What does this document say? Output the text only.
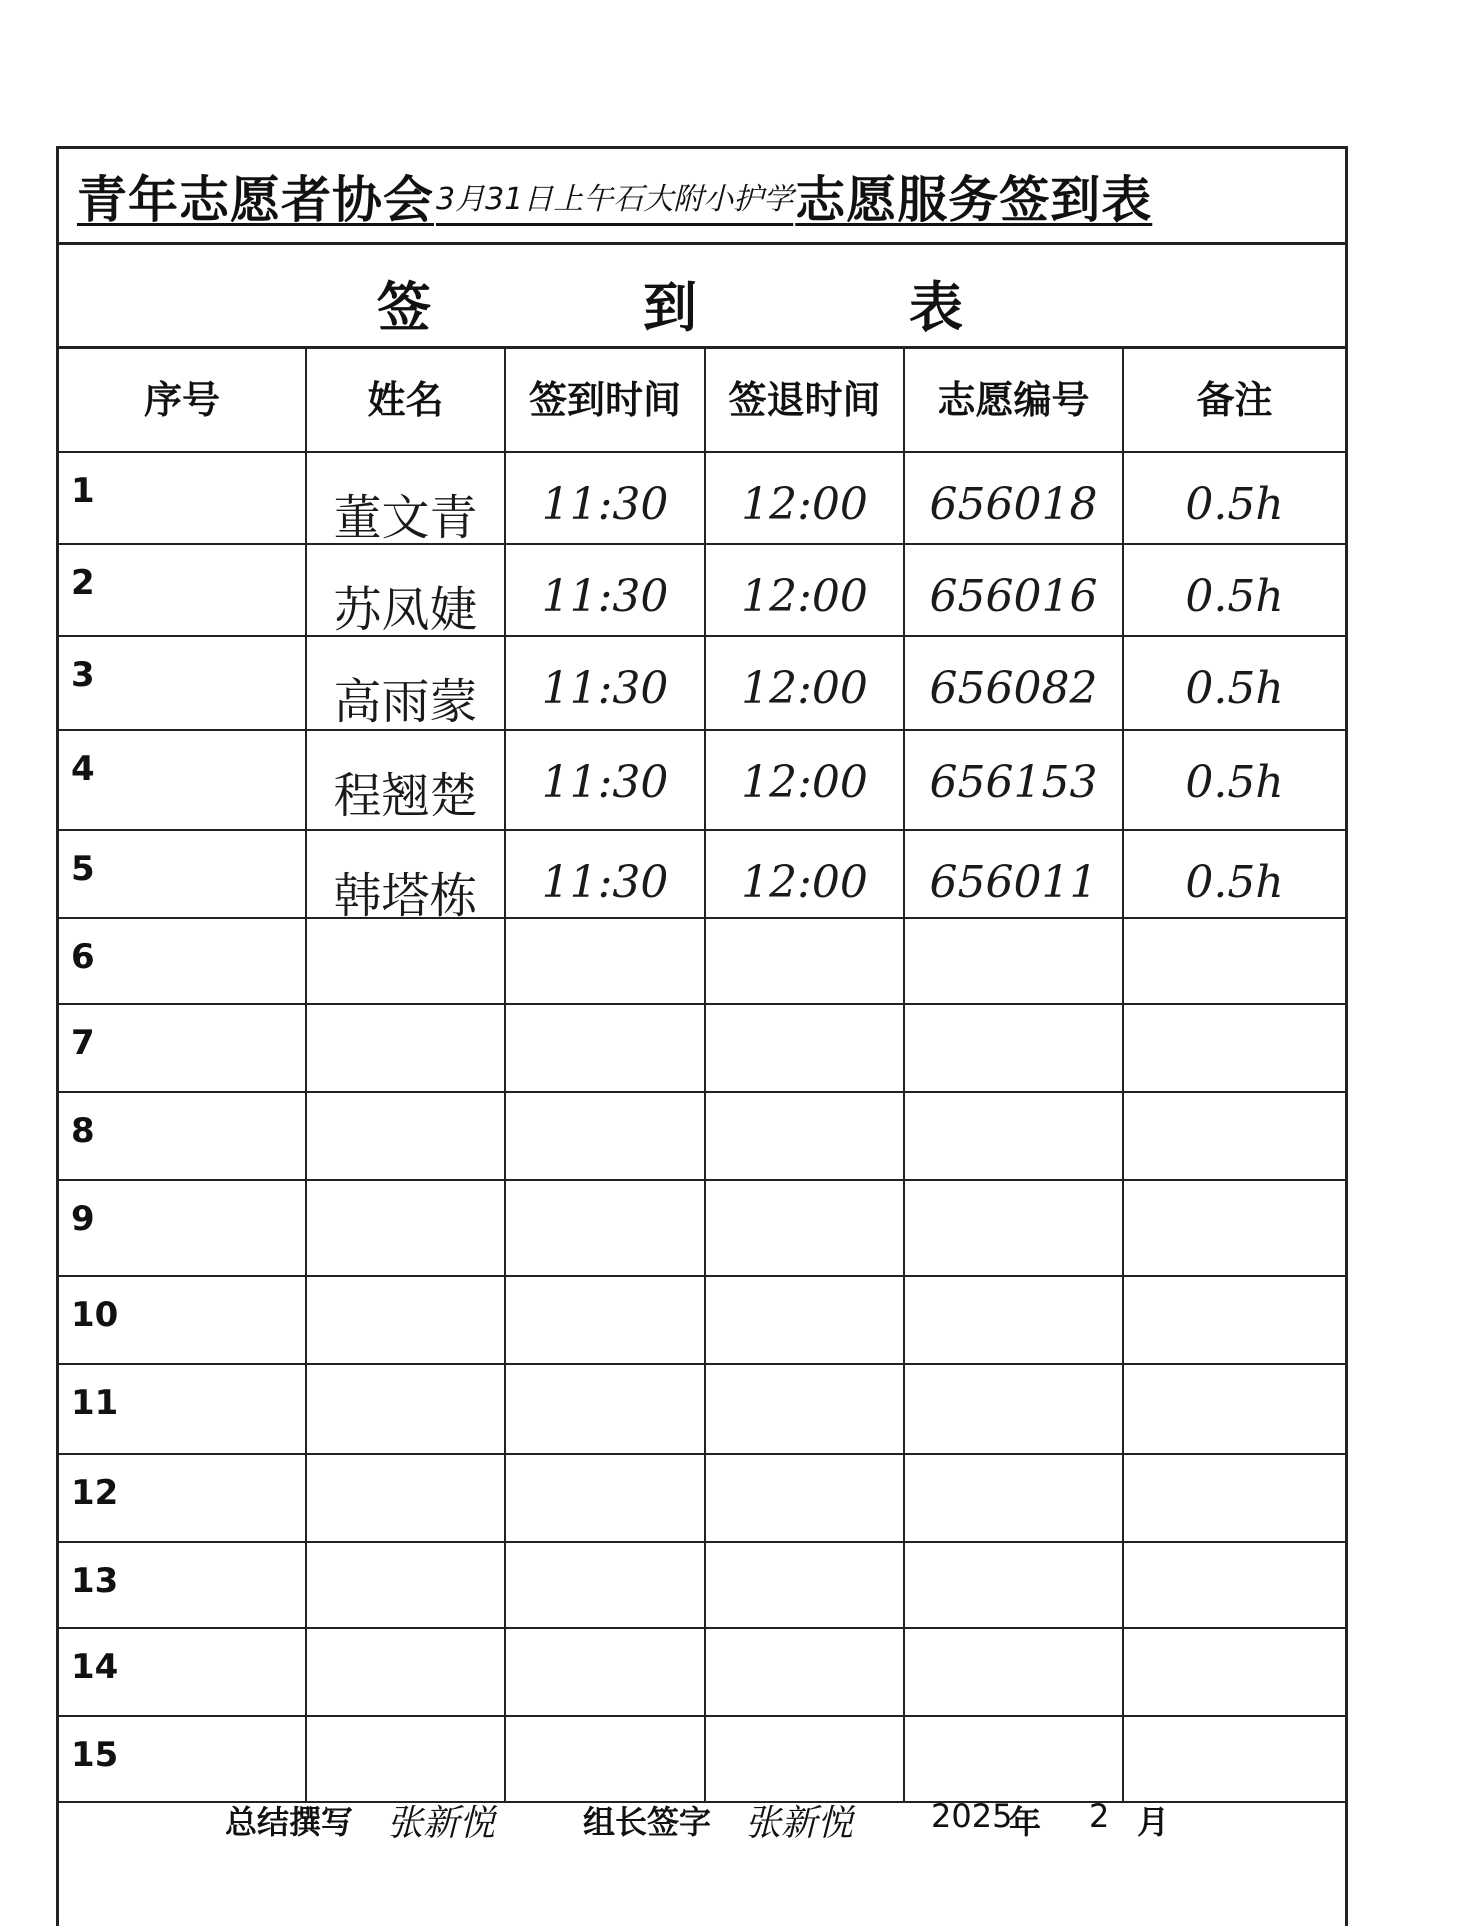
青年志愿者协会 3月31日上午石大附小护学 志愿服务签到表
签	到	表
序号	姓名	签到时间	签退时间	志愿编号	备注
1	董文青	11:30	12:00	656018	0.5h
2	苏凤婕	11:30	12:00	656016	0.5h
3	高雨蒙	11:30	12:00	656082	0.5h
4	程翘楚	11:30	12:00	656153	0.5h
5	韩塔栋	11:30	12:00	656011	0.5h
6
7
8
9
10
11
12
13
14
15
总结撰写 张新悦	组长签字 张新悦 2025
年 2 月
